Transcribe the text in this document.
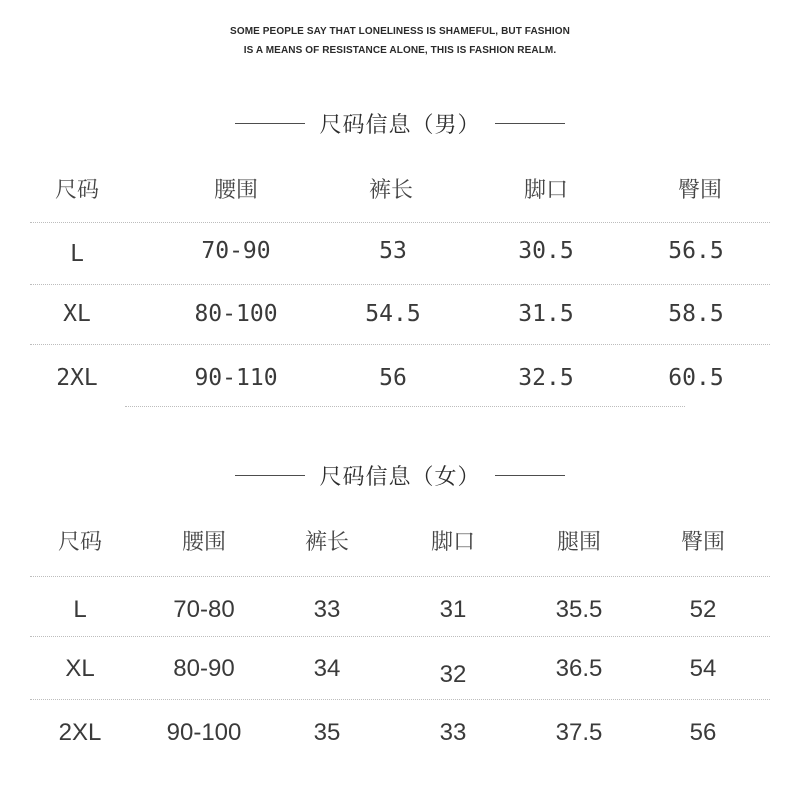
SOME PEOPLE SAY THAT LONELINESS IS SHAMEFUL, BUT FASHION
IS A MEANS OF RESISTANCE ALONE, THIS IS FASHION REALM.
尺码信息（男）
尺码	腰围	裤长	脚口	臀围
L	70-90	53	30.5	56.5
XL	80-100	54.5	31.5	58.5
2XL	90-110	56	32.5	60.5
尺码信息（女）
尺码	腰围	裤长	脚口	腿围	臀围
L	70-80	33	31	35.5	52
XL	80-90	34	32	36.5	54
2XL	90-100	35	33	37.5	56
